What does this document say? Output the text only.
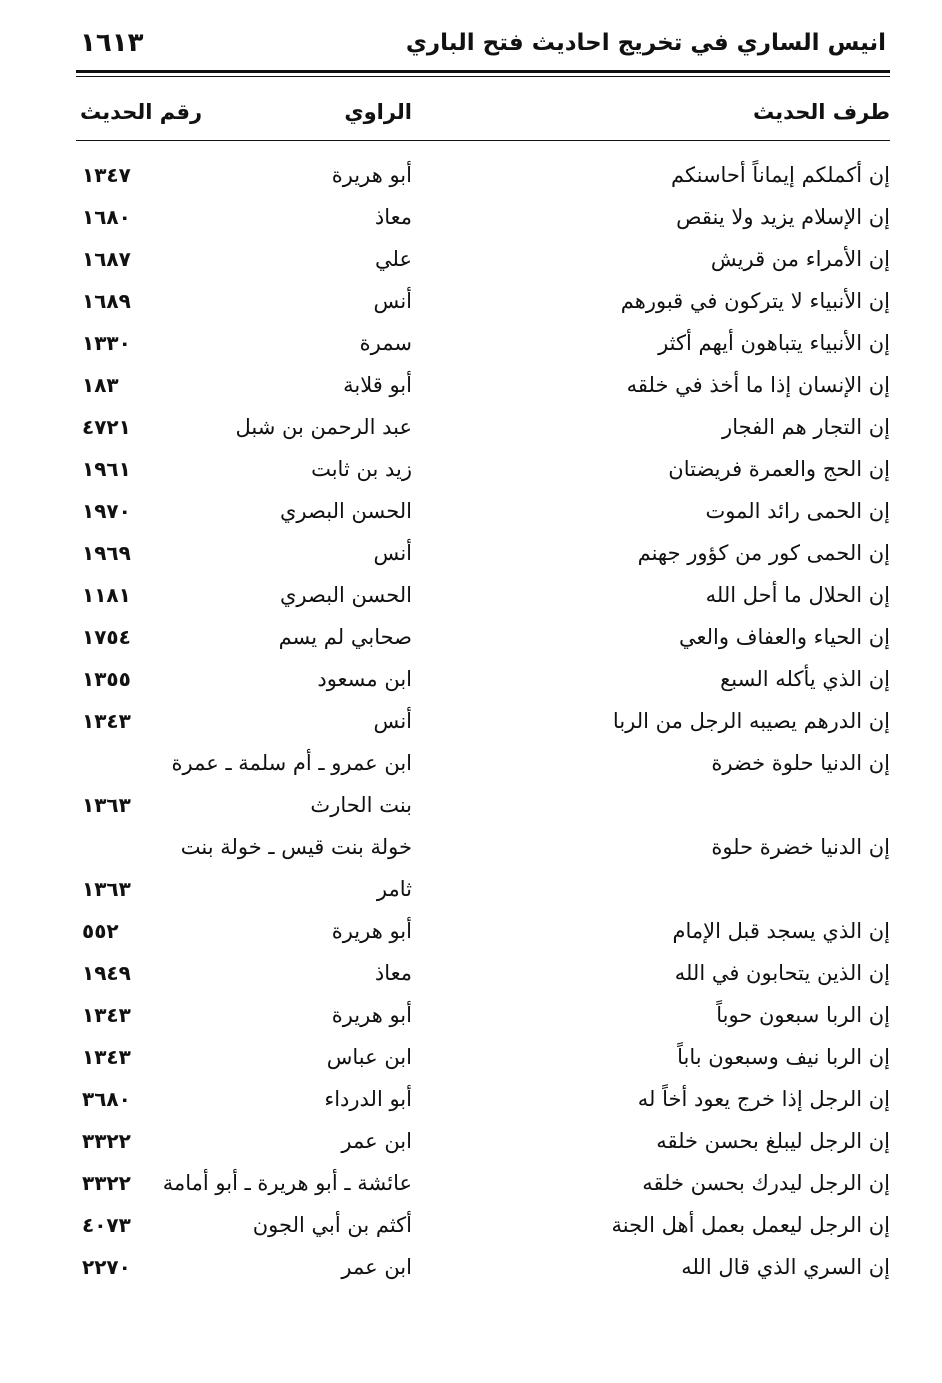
انيس الساري في تخريج احاديث فتح الباري
١٦١٣
طرف الحديث
الراوي
رقم الحديث
إن أكملكم إيماناً أحاسنكم
أبو هريرة
١٣٤٧
إن الإسلام يزيد ولا ينقص
معاذ
١٦٨٠
إن الأمراء من قريش
علي
١٦٨٧
إن الأنبياء لا يتركون في قبورهم
أنس
١٦٨٩
إن الأنبياء يتباهون أيهم أكثر
سمرة
١٣٣٠
إن الإنسان إذا ما أخذ في خلقه
أبو قلابة
١٨٣
إن التجار هم الفجار
عبد الرحمن بن شبل
٤٧٢١
إن الحج والعمرة فريضتان
زيد بن ثابت
١٩٦١
إن الحمى رائد الموت
الحسن البصري
١٩٧٠
إن الحمى كور من كؤور جهنم
أنس
١٩٦٩
إن الحلال ما أحل الله
الحسن البصري
١١٨١
إن الحياء والعفاف والعي
صحابي لم يسم
١٧٥٤
إن الذي يأكله السبع
ابن مسعود
١٣٥٥
إن الدرهم يصيبه الرجل من الربا
أنس
١٣٤٣
إن الدنيا حلوة خضرة
ابن عمرو ـ أم سلمة ـ عمرة
بنت الحارث
١٣٦٣
إن الدنيا خضرة حلوة
خولة بنت قيس ـ خولة بنت
ثامر
١٣٦٣
إن الذي يسجد قبل الإمام
أبو هريرة
٥٥٢
إن الذين يتحابون في الله
معاذ
١٩٤٩
إن الربا سبعون حوباً
أبو هريرة
١٣٤٣
إن الربا نيف وسبعون باباً
ابن عباس
١٣٤٣
إن الرجل إذا خرج يعود أخاً له
أبو الدرداء
٣٦٨٠
إن الرجل ليبلغ بحسن خلقه
ابن عمر
٣٣٢٢
إن الرجل ليدرك بحسن خلقه
عائشة ـ أبو هريرة ـ أبو أمامة
٣٣٢٢
إن الرجل ليعمل بعمل أهل الجنة
أكثم بن أبي الجون
٤٠٧٣
إن السري الذي قال الله
ابن عمر
٢٢٧٠
